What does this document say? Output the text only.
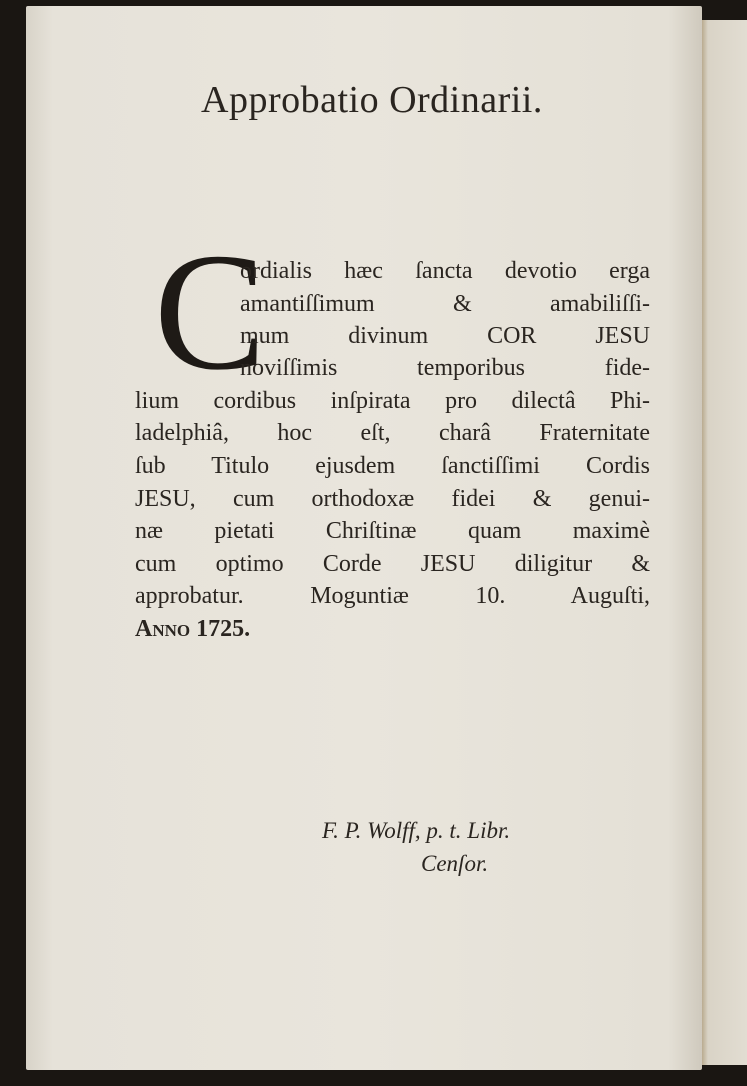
Approbatio Ordinarii.
C
ordialis hæc ſancta devotio erga
amantiſſimum & amabiliſſi-
mum divinum COR JESU
noviſſimis temporibus fide-
lium cordibus inſpirata pro dilectâ Phi-
ladelphiâ, hoc eſt, charâ Fraternitate
ſub Titulo ejusdem ſanctiſſimi Cordis
JESU, cum orthodoxæ fidei & genui-
næ pietati Chriſtinæ quam maximè
cum optimo Corde JESU diligitur &
approbatur. Moguntiæ 10. Auguſti,
Anno 1725.
F. P. Wolff, p. t. Libr.
Cenſor.
